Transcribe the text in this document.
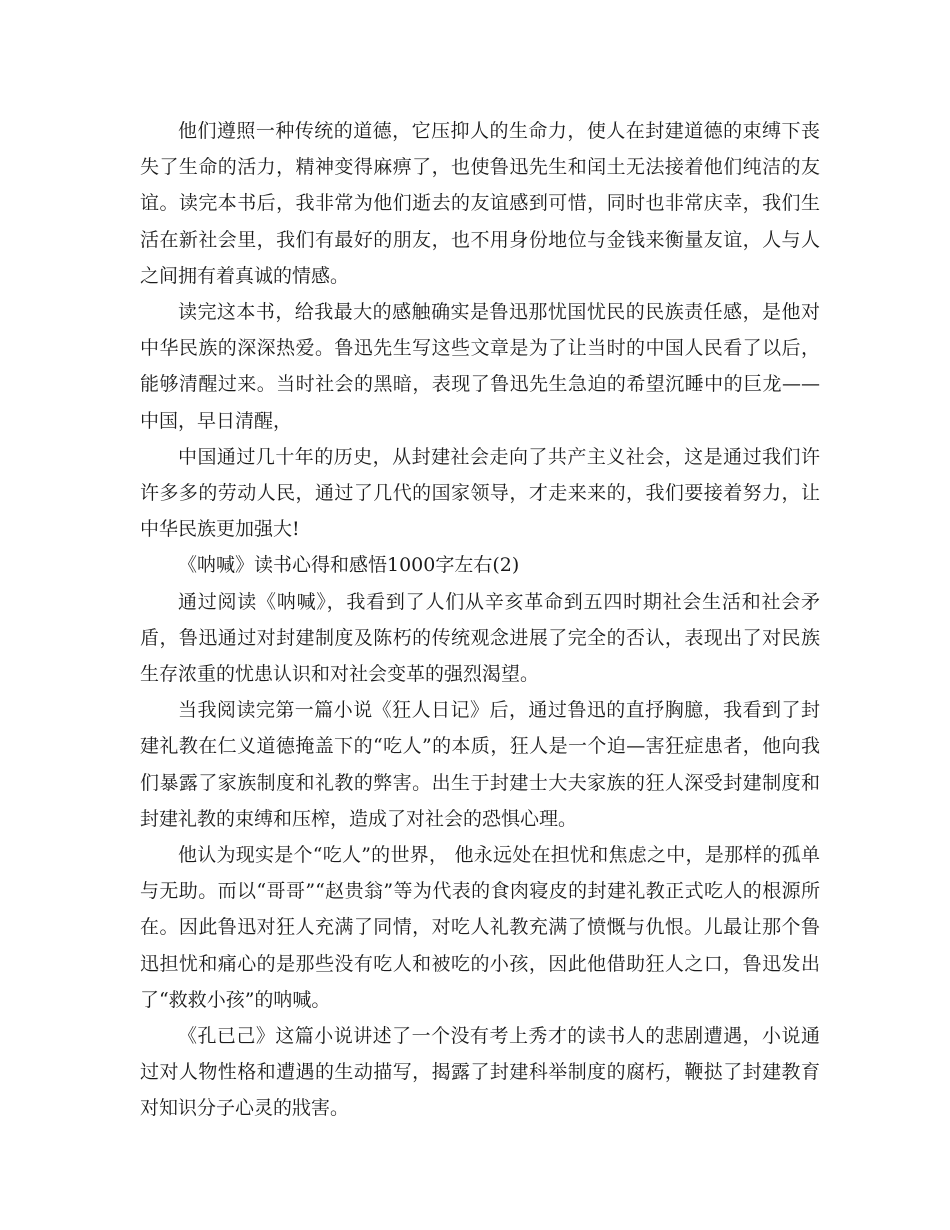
他们遵照一种传统的道德，它压抑人的生命力，使人在封建道德的束缚下丧失了生命的活力，精神变得麻痹了，也使鲁迅先生和闰土无法接着他们纯洁的友谊。读完本书后，我非常为他们逝去的友谊感到可惜，同时也非常庆幸，我们生活在新社会里，我们有最好的朋友，也不用身份地位与金钱来衡量友谊，人与人之间拥有着真诚的情感。

读完这本书，给我最大的感触确实是鲁迅那忧国忧民的民族责任感，是他对中华民族的深深热爱。鲁迅先生写这些文章是为了让当时的中国人民看了以后，能够清醒过来。当时社会的黑暗，表现了鲁迅先生急迫的希望沉睡中的巨龙——中国，早日清醒，

中国通过几十年的历史，从封建社会走向了共产主义社会，这是通过我们许许多多的劳动人民，通过了几代的国家领导，才走来来的，我们要接着努力，让中华民族更加强大!

《呐喊》读书心得和感悟1000字左右(2)

通过阅读《呐喊》，我看到了人们从辛亥革命到五四时期社会生活和社会矛盾，鲁迅通过对封建制度及陈朽的传统观念进展了完全的否认，表现出了对民族生存浓重的忧患认识和对社会变革的强烈渴望。

当我阅读完第一篇小说《狂人日记》后，通过鲁迅的直抒胸臆，我看到了封建礼教在仁义道德掩盖下的“吃人”的本质，狂人是一个迫—害狂症患者，他向我们暴露了家族制度和礼教的弊害。出生于封建士大夫家族的狂人深受封建制度和封建礼教的束缚和压榨，造成了对社会的恐惧心理。

他认为现实是个“吃人”的世界， 他永远处在担忧和焦虑之中，是那样的孤单与无助。而以“哥哥”“赵贵翁”等为代表的食肉寝皮的封建礼教正式吃人的根源所在。因此鲁迅对狂人充满了同情，对吃人礼教充满了愤慨与仇恨。儿最让那个鲁迅担忧和痛心的是那些没有吃人和被吃的小孩，因此他借助狂人之口，鲁迅发出了“救救小孩”的呐喊。

《孔已己》这篇小说讲述了一个没有考上秀才的读书人的悲剧遭遇，小说通过对人物性格和遭遇的生动描写，揭露了封建科举制度的腐朽，鞭挞了封建教育对知识分子心灵的戕害。
